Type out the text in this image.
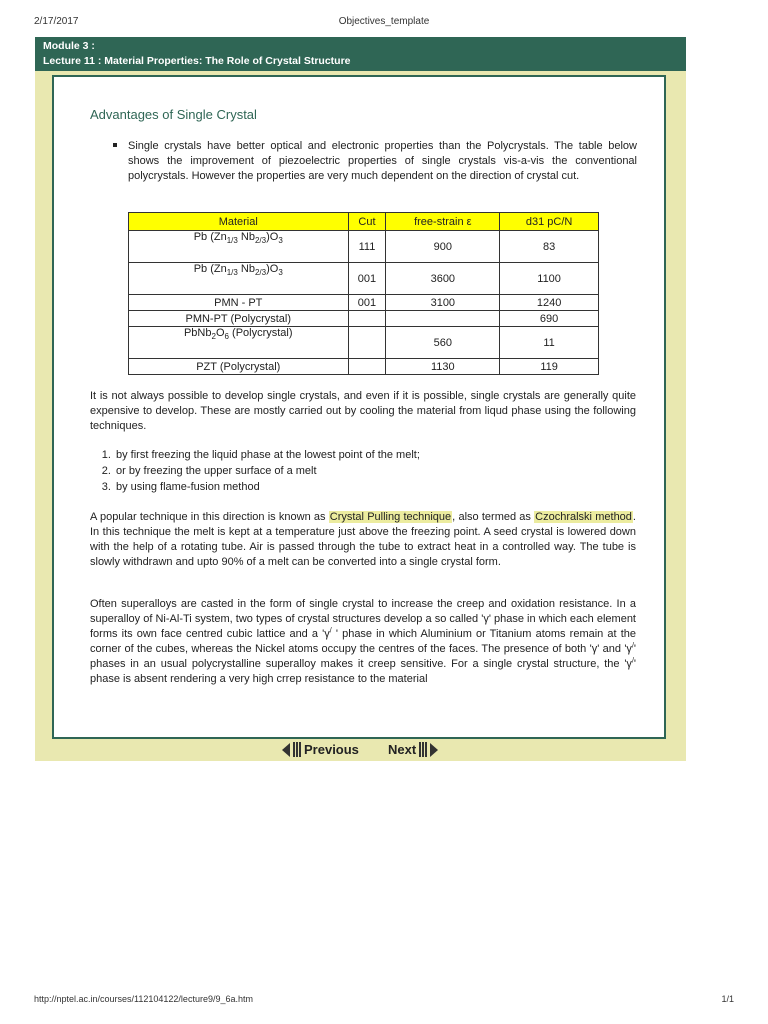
2/17/2017	Objectives_template
Module 3 :
Lecture 11 : Material Properties: The Role of Crystal Structure
Advantages of Single Crystal

Single crystals have better optical and electronic properties than the Polycrystals. The table below shows the improvement of piezoelectric properties of single crystals vis-a-vis the conventional polycrystals. However the properties are very much dependent on the direction of crystal cut.

Material	Cut	free-strain ε	d31 pC/N
Pb ($Zn_{1/3}$ $Nb_{2/3})O_3$	111	900	83
Pb ($Zn_{1/3}$ $Nb_{2/3})O_3$	001	3600	1100
PMN - PT	001	3100	1240
PMN-PT (Polycrystal)			690
$PbNb_2O_6$ (Polycrystal)		560	11
PZT (Polycrystal)		1130	119

It is not always possible to develop single crystals, and even if it is possible, single crystals are generally quite expensive to develop. These are mostly carried out by cooling the material from liqud phase using the following techniques.

1. by first freezing the liquid phase at the lowest point of the melt;
2. or by freezing the upper surface of a melt
3. by using flame-fusion method

A popular technique in this direction is known as Crystal Pulling technique, also termed as Czochralski method. In this technique the melt is kept at a temperature just above the freezing point. A seed crystal is lowered down with the help of a rotating tube. Air is passed through the tube to extract heat in a controlled way. The tube is slowly withdrawn and upto 90% of a melt can be converted into a single crystal form.

Often superalloys are casted in the form of single crystal to increase the creep and oxidation resistance. In a superalloy of Ni-Al-Ti system, two types of crystal structures develop a so called 'γ' phase in which each element forms its own face centred cubic lattice and a 'γ/ ' phase in which Aluminium or Titanium atoms remain at the corner of the cubes, whereas the Nickel atoms occupy the centres of the faces. The presence of both 'γ' and 'γ/' phases in an usual polycrystalline superalloy makes it creep sensitive. For a single crystal structure, the 'γ/' phase is absent rendering a very high crrep resistance to the material

Previous Next
http://nptel.ac.in/courses/112104122/lecture9/9_6a.htm	1/1
